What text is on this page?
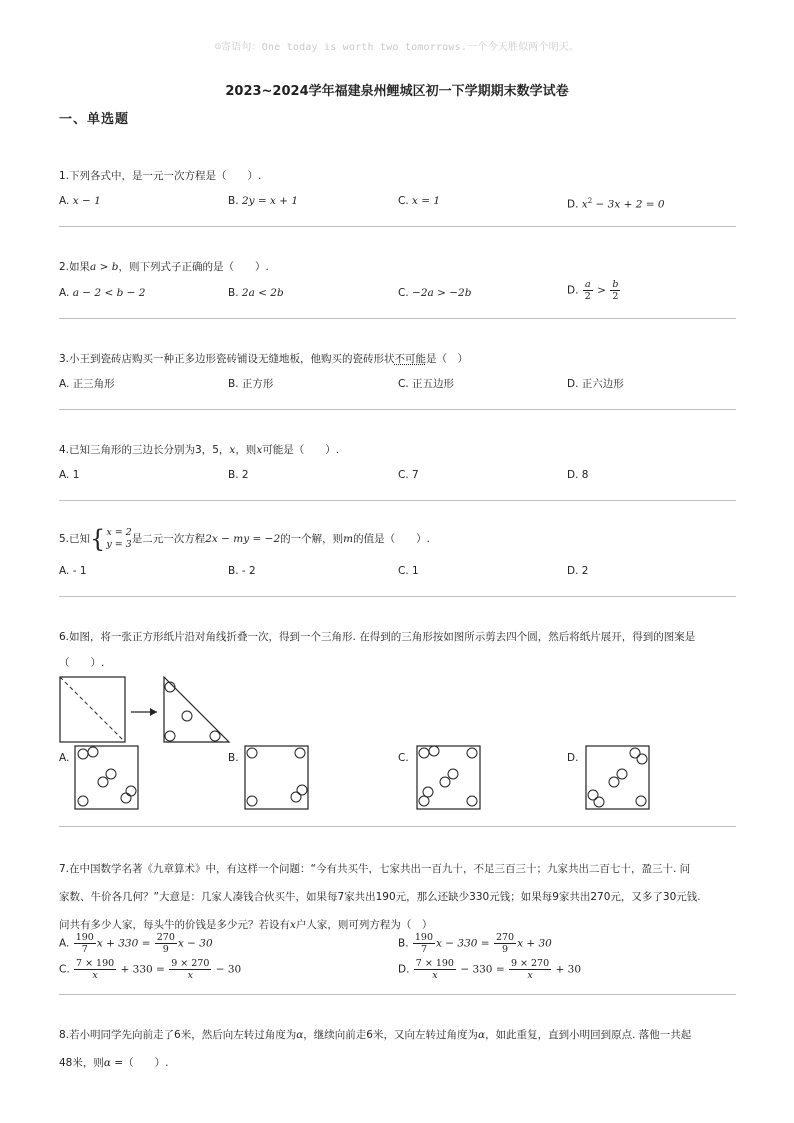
☺寄语句：One today is worth two tomorrows.一个今天胜似两个明天。
2023~2024学年福建泉州鲤城区初一下学期期末数学试卷
一、单选题
1.下列各式中，是一元一次方程是（　　）.
A. x − 1	B. 2y = x + 1	C. x = 1	D. $x^2 - 3x + 2 = 0$
2.如果a > b，则下列式子正确的是（　　）.
A. a − 2 < b − 2	B. 2a < 2b	C. −2a > −2b	D. $\frac{a}{2} > \frac{b}{2}$
3.小王到瓷砖店购买一种正多边形瓷砖铺设无缝地板，他购买的瓷砖形状不可能是（　）
A. 正三角形	B. 正方形	C. 正五边形	D. 正六边形
4.已知三角形的三边长分别为3，5，x，则x可能是（　　）.
A. 1	B. 2	C. 7	D. 8
5.已知{ x = 2
y = 3 是二元一次方程2x − my = −2的一个解，则m的值是（　　）.
A. - 1	B. - 2	C. 1	D. 2
6.如图，将一张正方形纸片沿对角线折叠一次，得到一个三角形. 在得到的三角形按如图所示剪去四个圆，然后将纸片展开，得到的图案是
（　　）.
A.	B.	C.	D.
7.在中国数学名著《九章算术》中，有这样一个问题：“今有共买牛，七家共出一百九十，不足三百三十；九家共出二百七十，盈三十. 问
家数、牛价各几何？”大意是：几家人凑钱合伙买牛，如果每7家共出190元，那么还缺少330元钱；如果每9家共出270元，又多了30元钱.
问共有多少人家，每头牛的价钱是多少元？若设有x户人家，则可列方程为（　）
A. $\frac{190}{7}$ $x + 330 = \frac{270}{9}$ x − 30	B. $\frac{190}{7}$ $x - 330 = \frac{270}{9}$ x + 30
C. $\frac{7 \times 190}{x} + 330 = \frac{9 \times 270}{x} - 30$	D. $\frac{7 \times 190}{x} - 330 = \frac{9 \times 270}{x} + 30$
8.若小明同学先向前走了6米，然后向左转过角度为α，继续向前走6米，又向左转过角度为α，如此重复，直到小明回到原点. 落他一共起
48米，则α =（　　）.
